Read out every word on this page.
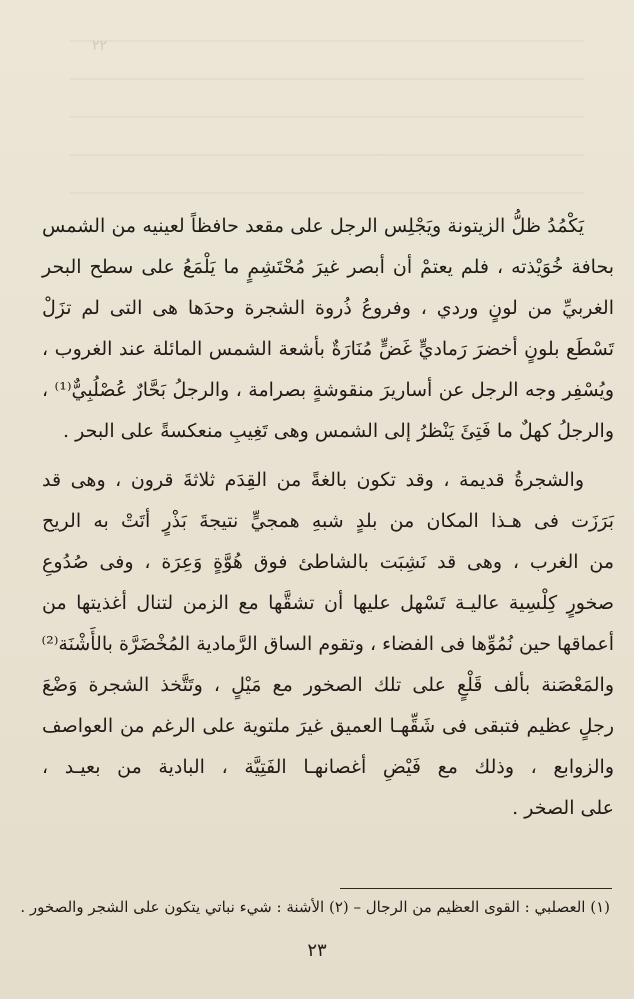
٢٢
يَكْمُدُ ظلُّ الزيتونة ويَجْلِس الرجل على مقعد حافظاً لعينيه من الشمس
بحافة خُوَيْذته ، فلم يعتمْ أن أبصر غيرَ مُحْتَشِمٍ ما يَلْمَعُ على سطح البحر
الغربيِّ من لونٍ وردي ، وفروعُ ذُروة الشجرة وحدَها هى التى لم تزَلْ
تَسْطَع بلونٍ أخضرَ رَماديٍّ غَضٍّ مُنَارَةٌ بأشعة الشمس المائلة عند الغروب ،
ويُسْفِر وجه الرجل عن أساريرَ منقوشةٍ بصرامة ، والرجلُ بَحَّارٌ عُصْلُبِيٌّ⁽¹⁾ ،
والرجلُ كهلٌ ما فَتِئَ يَنْظرُ إلى الشمس وهى تَغِيبِ منعكسةً على البحر .
والشجرةُ قديمة ، وقد تكون بالغةً من القِدَم ثلاثةَ قرون ، وهى قد
بَرَزَت فى هـذا المكان من بلدٍ شبهِ همجيٍّ نتيجةَ بَذْرٍ أتَتْ به الريح
من الغرب ، وهى قد نَشِبَت بالشاطئ فوق هُوَّةٍ وَعِرَة ، وفى صُدُوعِ
صخورٍ كِلْسِية عاليـة تَسْهل عليها أن تشقَّها مع الزمن لتنال أغذيتها من
أعماقها حين نُمُوِّها فى الفضاء ، وتقوم الساق الرَّمادية المُخْضَرَّة بالأَشْنَة⁽²⁾
والمَعْصَنة بألف قَلْعٍ على تلك الصخور مع مَيْلٍ ، وتَتَّخذ الشجرة وَضْعَ
رجلٍ عظيم فتبقى فى شَقِّهـا العميق غيرَ ملتوية على الرغم من العواصف
والزوابع ، وذلك مع فَيْضِ أغصانهـا الفَتِيَّة ، البادية من بعيـد ،
على الصخر .
(١) العصلبي : القوى العظيم من الرجال – (٢) الأشنة : شيء نباتي يتكون على الشجر والصخور .
٢٣
